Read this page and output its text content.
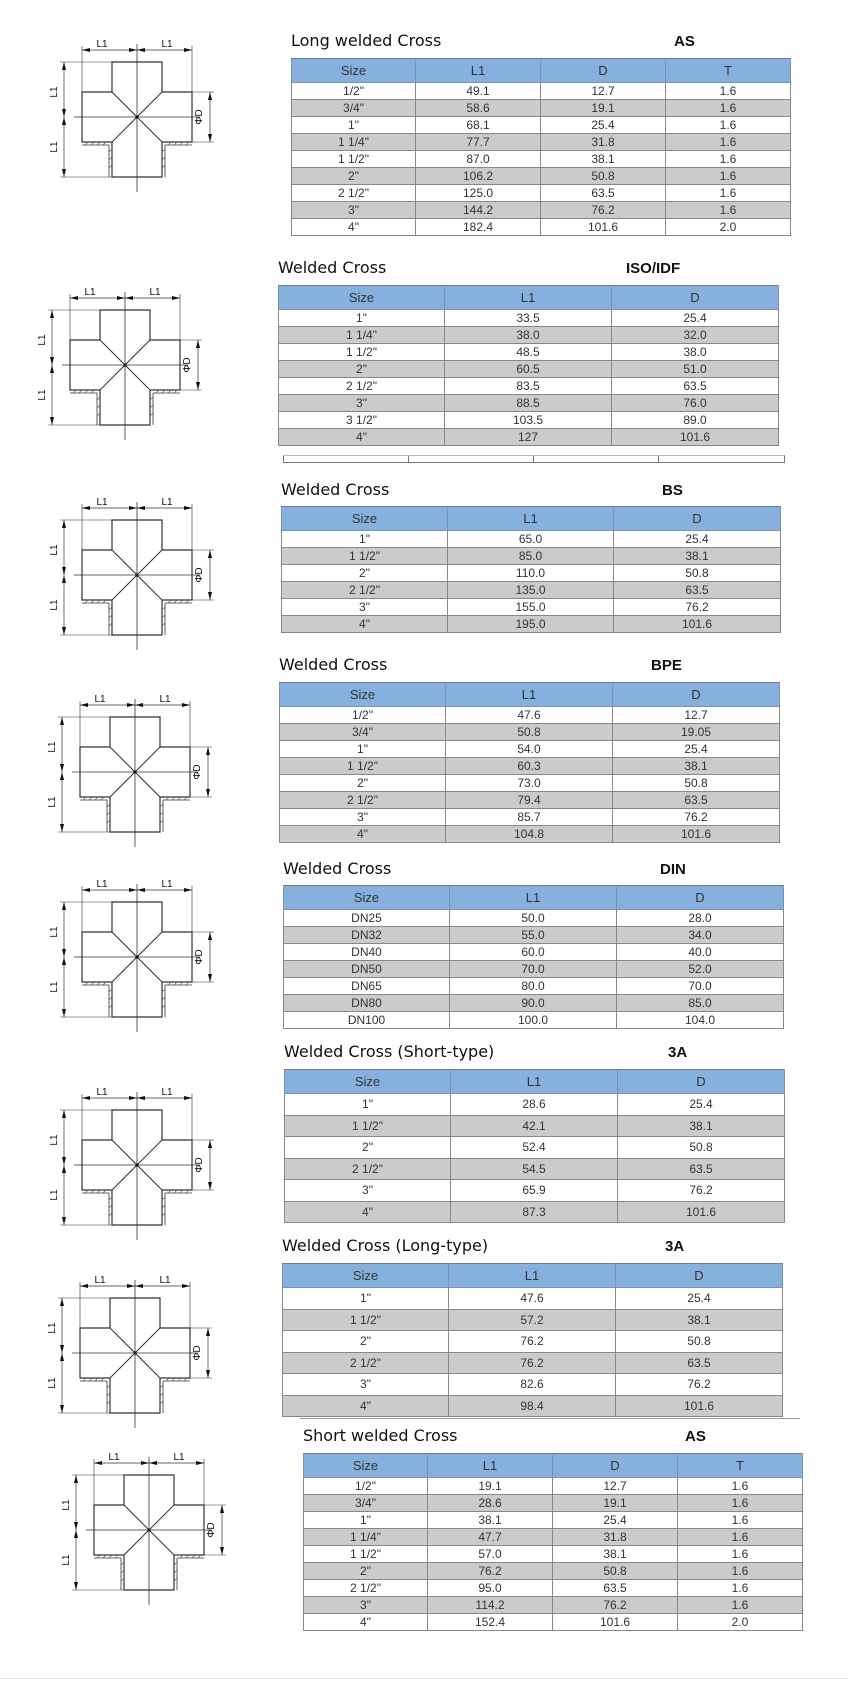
Long welded Cross	AS
Size	L1	D	T
1/2"	49.1	12.7	1.6
3/4"	58.6	19.1	1.6
1"	68.1	25.4	1.6
1 1/4"	77.7	31.8	1.6
1 1/2"	87.0	38.1	1.6
2"	106.2	50.8	1.6
2 1/2"	125.0	63.5	1.6
3"	144.2	76.2	1.6
4"	182.4	101.6	2.0
L1	L1
L1
L1
ΦD
Welded Cross	ISO/IDF
Size	L1	D
1"	33.5	25.4
1 1/4"	38.0	32.0
1 1/2"	48.5	38.0
2"	60.5	51.0
2 1/2"	83.5	63.5
3"	88.5	76.0
3 1/2"	103.5	89.0
4"	127	101.6
L1	L1
L1
L1
ΦD
Welded Cross	BS
Size	L1	D
1"	65.0	25.4
1 1/2"	85.0	38.1
2"	110.0	50.8
2 1/2"	135.0	63.5
3"	155.0	76.2
4"	195.0	101.6
L1	L1
L1
L1
ΦD
Welded Cross	BPE
Size	L1	D
1/2"	47.6	12.7
3/4"	50.8	19.05
1"	54.0	25.4
1 1/2"	60.3	38.1
2"	73.0	50.8
2 1/2"	79.4	63.5
3"	85.7	76.2
4"	104.8	101.6
L1	L1
L1
L1
ΦD
Welded Cross	DIN
Size	L1	D
DN25	50.0	28.0
DN32	55.0	34.0
DN40	60.0	40.0
DN50	70.0	52.0
DN65	80.0	70.0
DN80	90.0	85.0
DN100	100.0	104.0
L1	L1
L1
L1
ΦD
Welded Cross (Short-type)	3A
Size	L1	D
1"	28.6	25.4
1 1/2"	42.1	38.1
2"	52.4	50.8
2 1/2"	54.5	63.5
3"	65.9	76.2
4"	87.3	101.6
L1	L1
L1
L1
ΦD
Welded Cross (Long-type)	3A
Size	L1	D
1"	47.6	25.4
1 1/2"	57.2	38.1
2"	76.2	50.8
2 1/2"	76.2	63.5
3"	82.6	76.2
4"	98.4	101.6
L1	L1
L1
L1
ΦD
Short welded Cross	AS
Size	L1	D	T
1/2"	19.1	12.7	1.6
3/4"	28.6	19.1	1.6
1"	38.1	25.4	1.6
1 1/4"	47.7	31.8	1.6
1 1/2"	57.0	38.1	1.6
2"	76.2	50.8	1.6
2 1/2"	95.0	63.5	1.6
3"	114.2	76.2	1.6
4"	152.4	101.6	2.0
L1	L1
L1
L1
ΦD
